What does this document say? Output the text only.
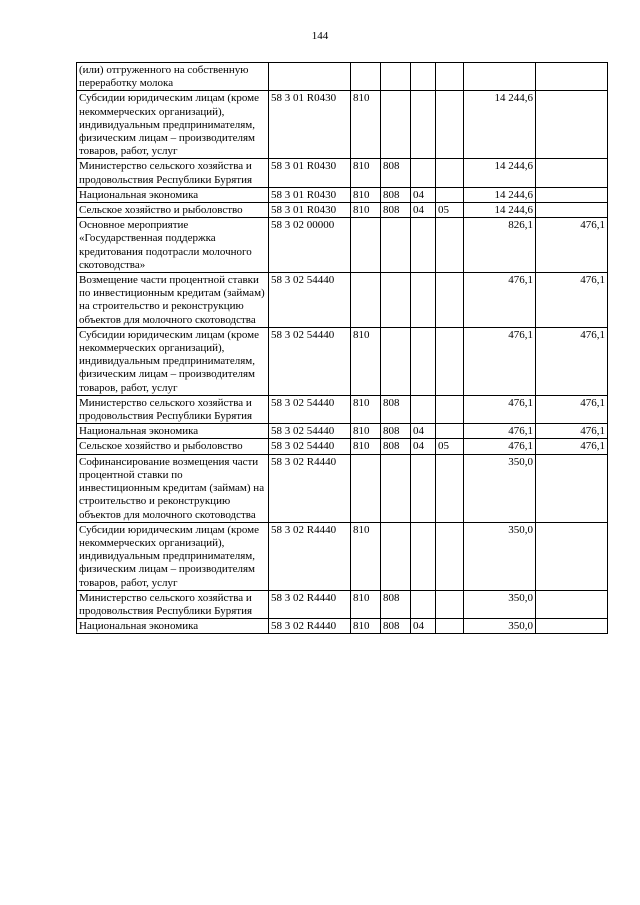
144
(или) отгруженного на собственную переработку молока							
Субсидии юридическим лицам (кроме некоммерческих организаций), индивидуальным предпринимателям, физическим лицам – производителям товаров, работ, услуг	58 3 01 R0430	810				14 244,6	
Министерство сельского хозяйства и продовольствия Республики Бурятия	58 3 01 R0430	810	808			14 244,6	
Национальная экономика	58 3 01 R0430	810	808	04		14 244,6	
Сельское хозяйство и рыболовство	58 3 01 R0430	810	808	04	05	14 244,6	
Основное мероприятие «Государственная поддержка кредитования подотрасли молочного скотоводства»	58 3 02 00000					826,1	476,1
Возмещение части процентной ставки по инвестиционным кредитам (займам) на строительство и реконструкцию объектов для молочного скотоводства	58 3 02 54440					476,1	476,1
Субсидии юридическим лицам (кроме некоммерческих организаций), индивидуальным предпринимателям, физическим лицам – производителям товаров, работ, услуг	58 3 02 54440	810				476,1	476,1
Министерство сельского хозяйства и продовольствия Республики Бурятия	58 3 02 54440	810	808			476,1	476,1
Национальная экономика	58 3 02 54440	810	808	04		476,1	476,1
Сельское хозяйство и рыболовство	58 3 02 54440	810	808	04	05	476,1	476,1
Софинансирование возмещения части процентной ставки по инвестиционным кредитам (займам) на строительство и реконструкцию объектов для молочного скотоводства	58 3 02 R4440					350,0	
Субсидии юридическим лицам (кроме некоммерческих организаций), индивидуальным предпринимателям, физическим лицам – производителям товаров, работ, услуг	58 3 02 R4440	810				350,0	
Министерство сельского хозяйства и продовольствия Республики Бурятия	58 3 02 R4440	810	808			350,0	
Национальная экономика	58 3 02 R4440	810	808	04		350,0	
